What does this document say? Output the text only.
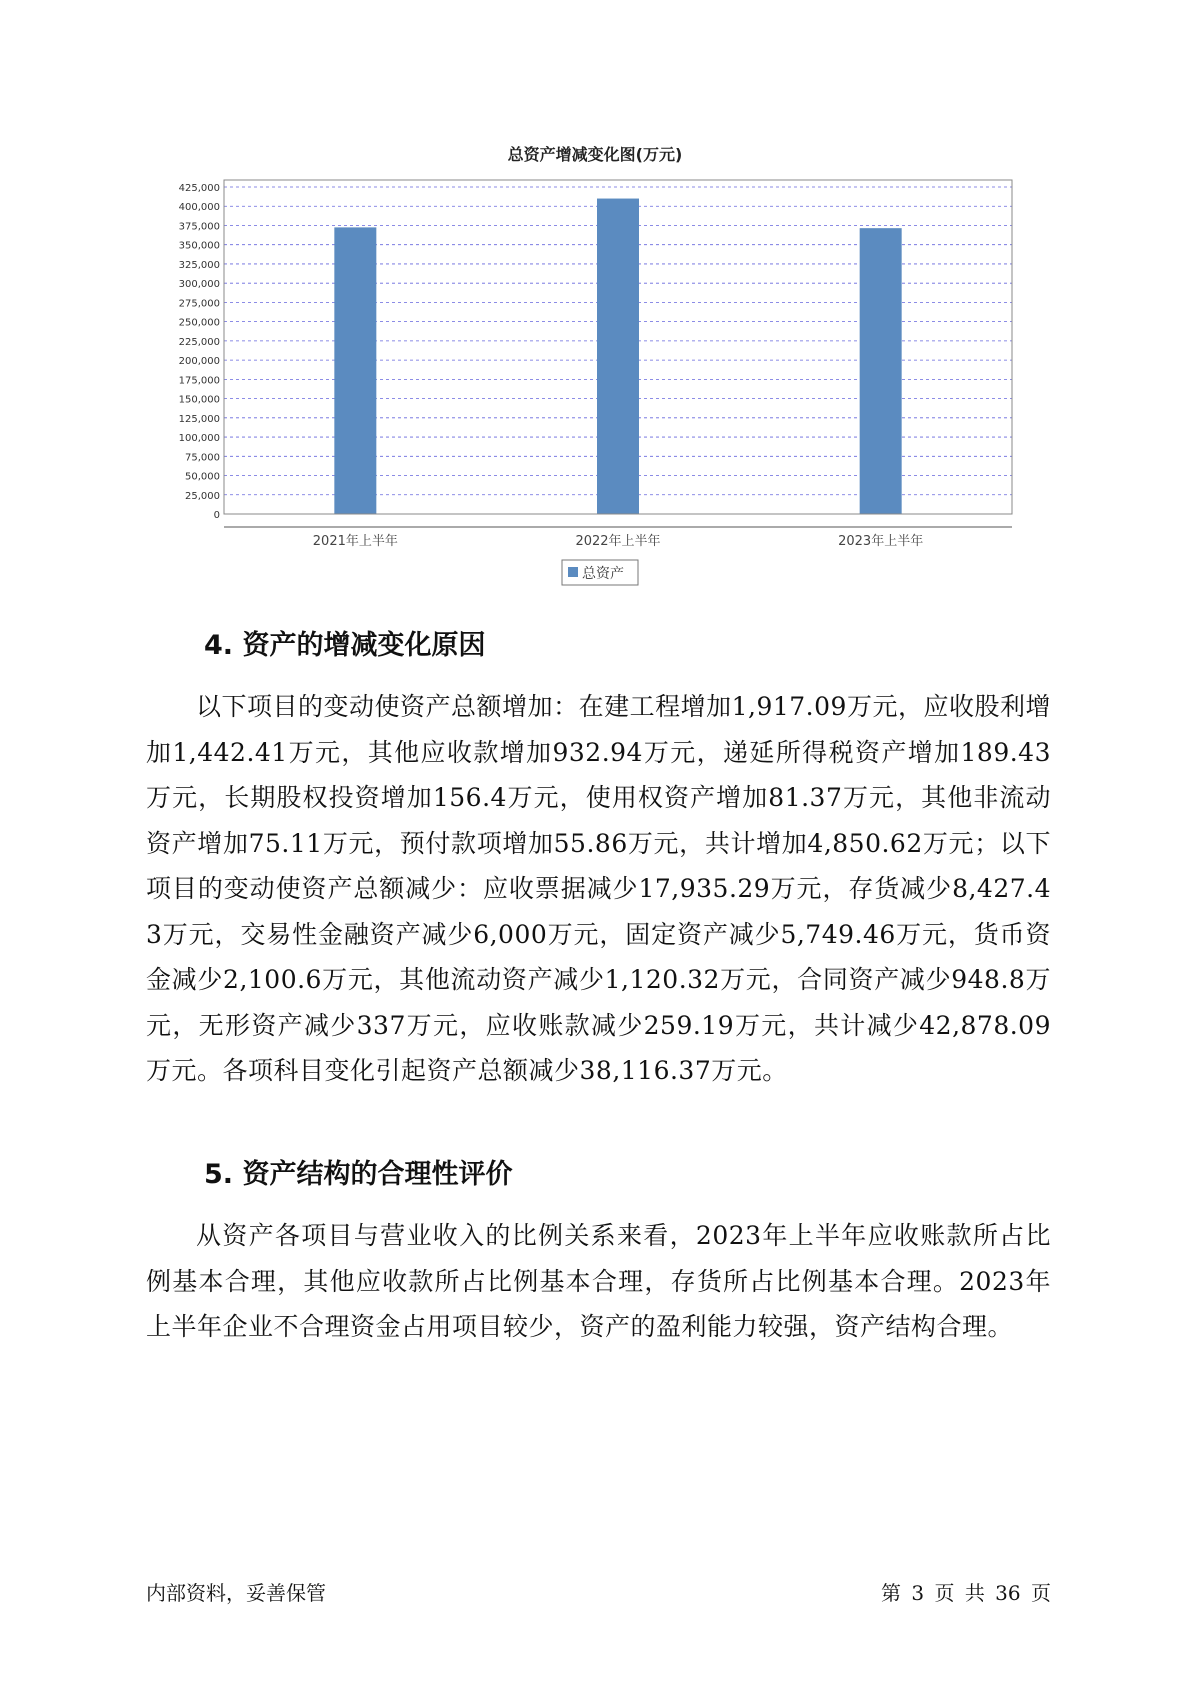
总资产增减变化图(万元)
0
25,000
50,000
75,000
100,000
125,000
150,000
175,000
200,000
225,000
250,000
275,000
300,000
325,000
350,000
375,000
400,000
425,000
2021年上半年	2022年上半年	2023年上半年
总资产
4. 资产的增减变化原因

以下项目的变动使资产总额增加：在建工程增加1,917.09万元，应收股利增加1,442.41万元，其他应收款增加932.94万元，递延所得税资产增加189.43万元，长期股权投资增加156.4万元，使用权资产增加81.37万元，其他非流动资产增加75.11万元，预付款项增加55.86万元，共计增加4,850.62万元；以下项目的变动使资产总额减少：应收票据减少17,935.29万元，存货减少8,427.43万元，交易性金融资产减少6,000万元，固定资产减少5,749.46万元，货币资金减少2,100.6万元，其他流动资产减少1,120.32万元，合同资产减少948.8万元，无形资产减少337万元，应收账款减少259.19万元，共计减少42,878.09万元。各项科目变化引起资产总额减少38,116.37万元。

5. 资产结构的合理性评价

从资产各项目与营业收入的比例关系来看，2023年上半年应收账款所占比例基本合理，其他应收款所占比例基本合理，存货所占比例基本合理。2023年上半年企业不合理资金占用项目较少，资产的盈利能力较强，资产结构合理。

内部资料，妥善保管	第 3 页 共 36 页
